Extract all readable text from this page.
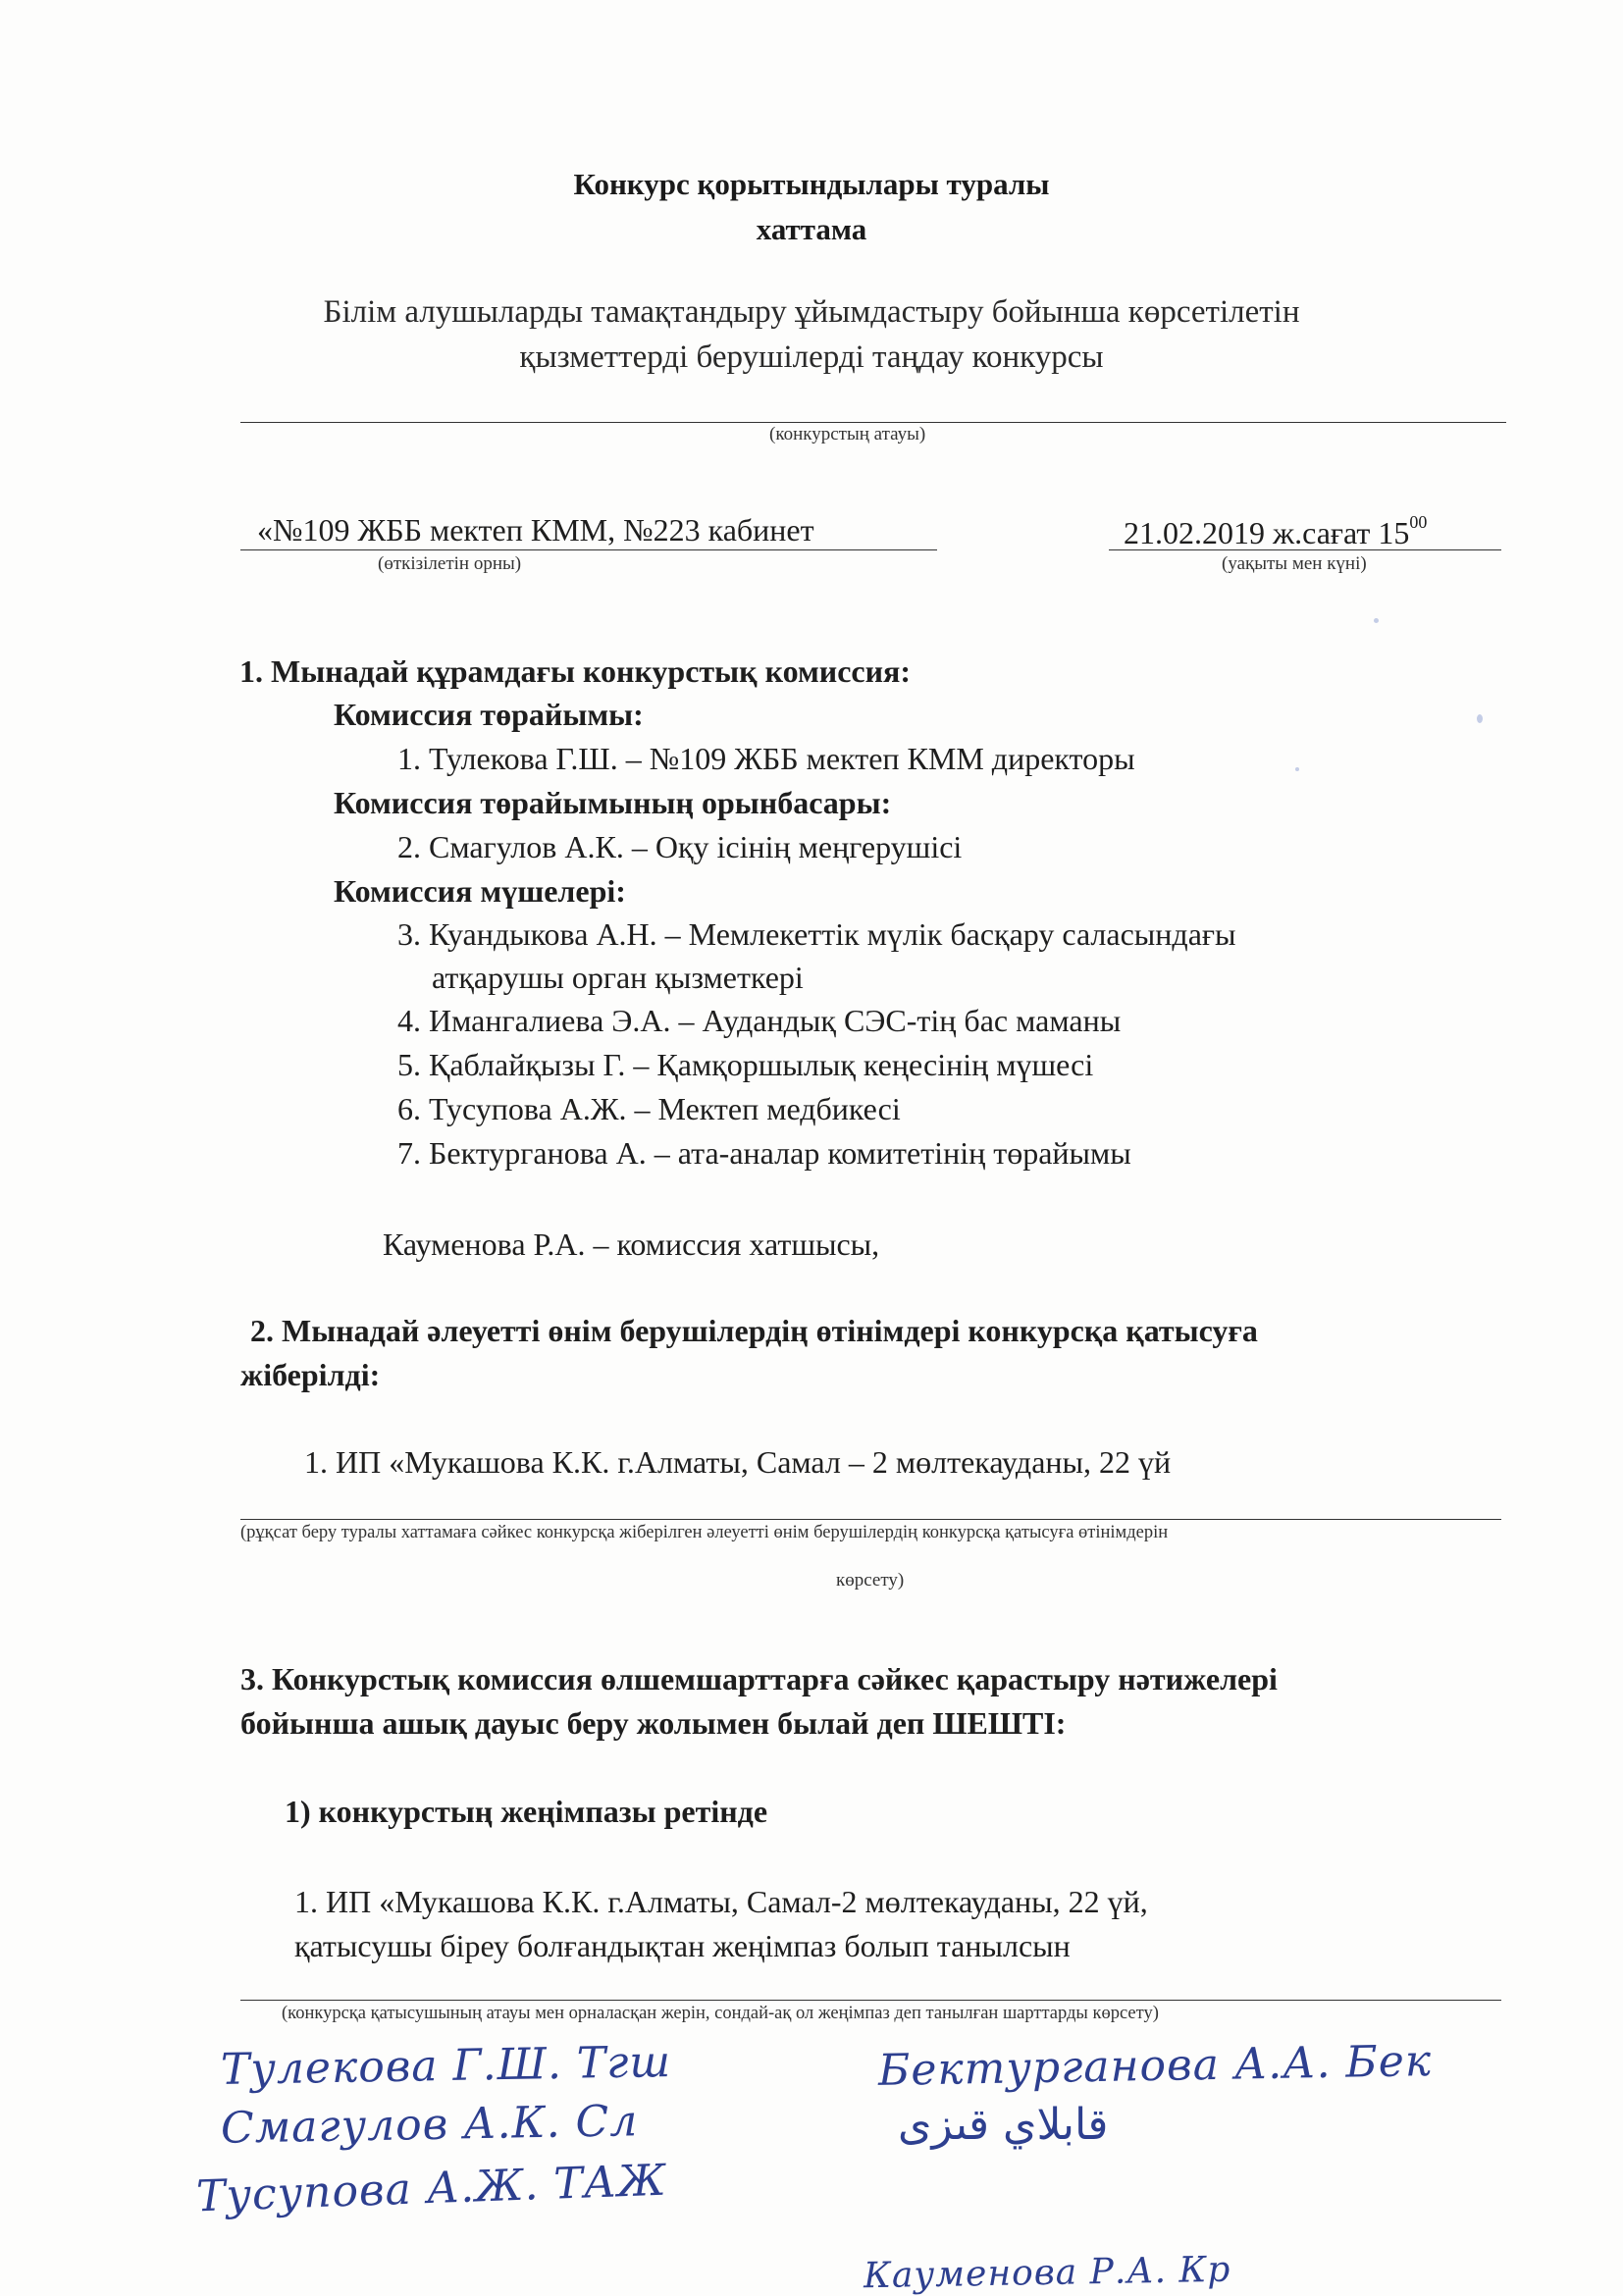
Конкурс қорытындылары туралы
хаттама
Білім алушыларды тамақтандыру ұйымдастыру бойынша көрсетілетін
қызметтерді берушілерді таңдау конкурсы
(конкурстың атауы)
«№109 ЖББ мектеп КММ, №223 кабинет
(өткізілетін орны)
21.02.2019 ж.сағат $15^{00}$
(уақыты мен күні)
1. Мынадай құрамдағы конкурстық комиссия:
Комиссия төрайымы:
1. Тулекова Г.Ш. – №109 ЖББ мектеп КММ директоры
Комиссия төрайымының орынбасары:
2. Смагулов А.К. – Оқу ісінің меңгерушісі
Комиссия мүшелері:
3. Куандыкова А.Н. – Мемлекеттік мүлік басқару саласындағы
атқарушы орган қызметкері
4. Имангалиева Э.А. – Аудандық СЭС-тің бас маманы
5. Қаблайқызы Г. – Қамқоршылық кеңесінің мүшесі
6. Тусупова А.Ж. – Мектеп медбикесі
7. Бектурганова А. – ата-аналар комитетінің төрайымы
Кауменова Р.А. – комиссия хатшысы,
2. Мынадай әлеуетті өнім берушілердің өтінімдері конкурсқа қатысуға
жіберілді:
1. ИП «Мукашова К.К. г.Алматы, Самал – 2 мөлтекауданы, 22 үй
(рұқсат беру туралы хаттамаға сәйкес конкурсқа жіберілген әлеуетті өнім берушілердің конкурсқа қатысуға өтінімдерін
көрсету)
3. Конкурстық комиссия өлшемшарттарға сәйкес қарастыру нәтижелері
бойынша ашық дауыс беру жолымен былай деп ШЕШТІ:
1) конкурстың жеңімпазы ретінде
1. ИП «Мукашова К.К. г.Алматы, Самал-2 мөлтекауданы, 22 үй,
қатысушы біреу болғандықтан жеңімпаз болып танылсын
(конкурсқа қатысушының атауы мен орналасқан жерін, сондай-ақ ол жеңімпаз деп танылған шарттарды көрсету)
Тулекова Г.Ш. Тгш
Смагулов А.К. Сл
Тусупова А.Ж. ТАЖ
Бектурганова А.А. Бек
قابلاي قىزى
Кауменова Р.А. Кр
